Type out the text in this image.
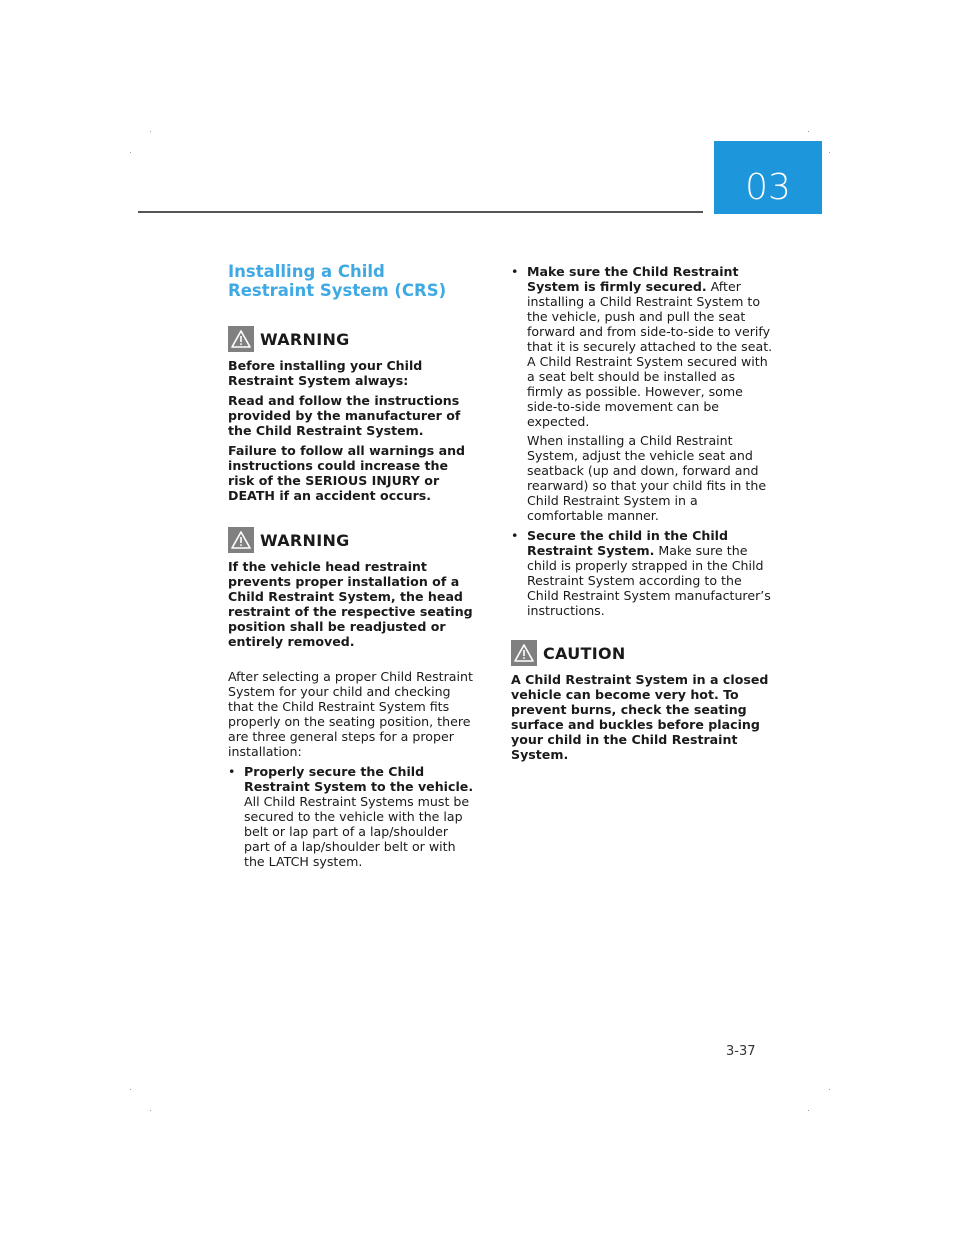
03
Installing a Child Restraint System (CRS)
WARNING

Before installing your Child Restraint System always:

Read and follow the instructions provided by the manufacturer of the Child Restraint System.

Failure to follow all warnings and instructions could increase the risk of the SERIOUS INJURY or DEATH if an accident occurs.

WARNING

If the vehicle head restraint prevents proper installation of a Child Restraint System, the head restraint of the respective seating position shall be readjusted or entirely removed.

After selecting a proper Child Restraint System for your child and checking that the Child Restraint System fits properly on the seating position, there are three general steps for a proper installation:

• Properly secure the Child Restraint System to the vehicle. All Child Restraint Systems must be secured to the vehicle with the lap belt or lap part of a lap/shoulder part of a lap/shoulder belt or with the LATCH system.
• Make sure the Child Restraint System is firmly secured. After installing a Child Restraint System to the vehicle, push and pull the seat forward and from side-to-side to verify that it is securely attached to the seat. A Child Restraint System secured with a seat belt should be installed as firmly as possible. However, some side-to-side movement can be expected.

When installing a Child Restraint System, adjust the vehicle seat and seatback (up and down, forward and rearward) so that your child fits in the Child Restraint System in a comfortable manner.

• Secure the child in the Child Restraint System. Make sure the child is properly strapped in the Child Restraint System according to the Child Restraint System manufacturer’s instructions.
CAUTION

A Child Restraint System in a closed vehicle can become very hot. To prevent burns, check the seating surface and buckles before placing your child in the Child Restraint System.

3-37
